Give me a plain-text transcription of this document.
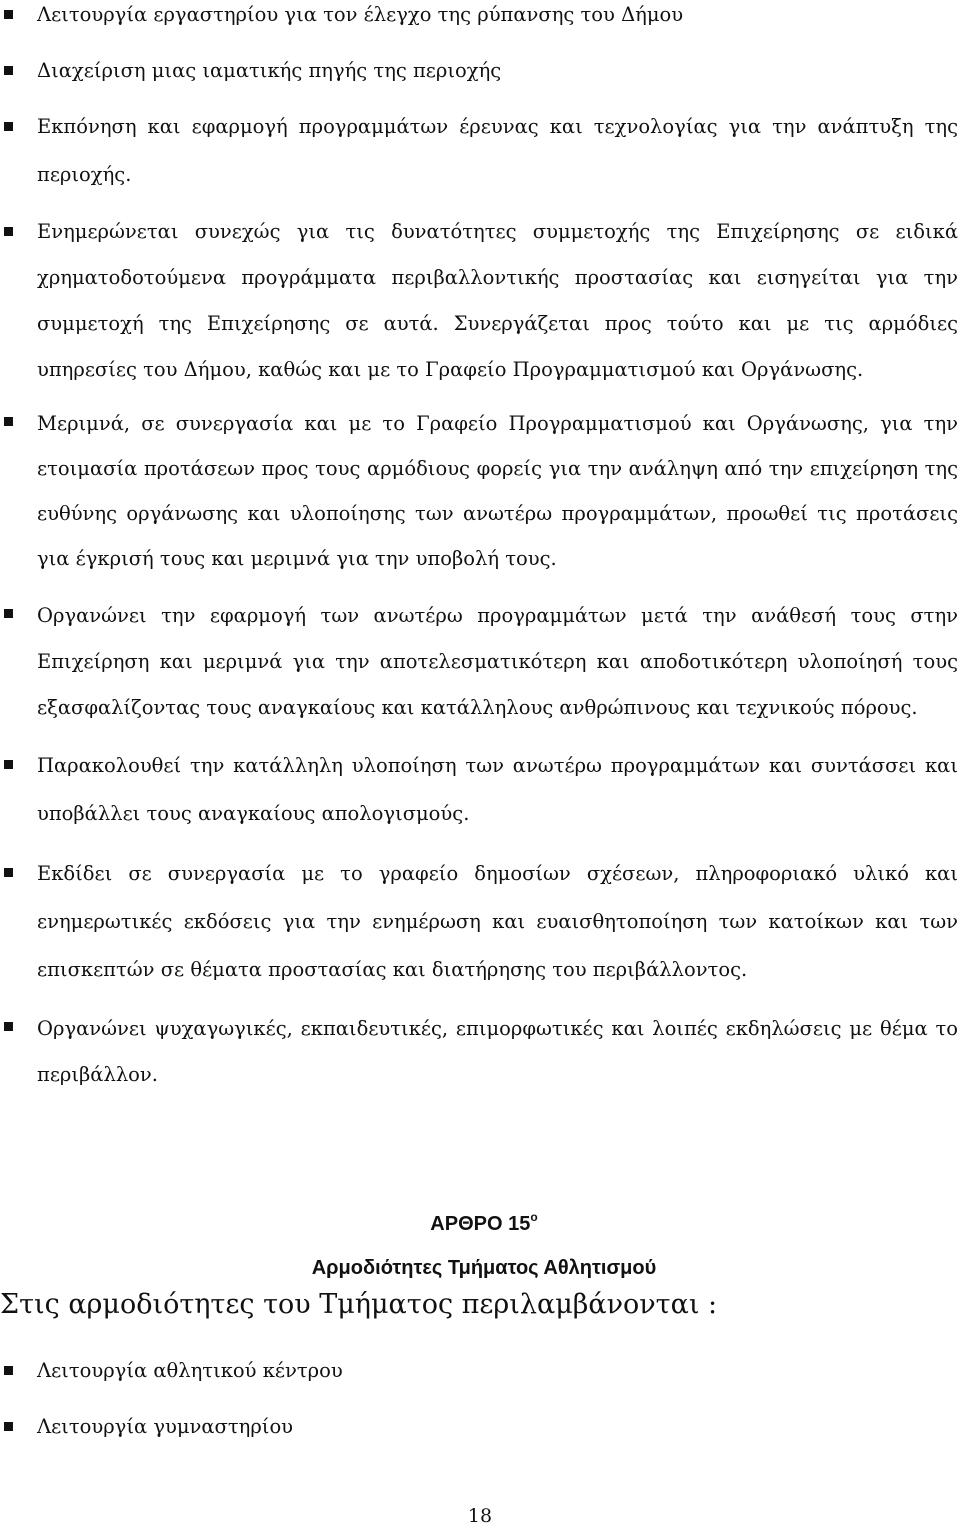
Λειτουργία εργαστηρίου για τον έλεγχο της ρύπανσης του Δήμου
Διαχείριση μιας ιαματικής πηγής της περιοχής
Εκπόνηση και εφαρμογή προγραμμάτων έρευνας και τεχνολογίας για την ανάπτυξη της περιοχής.
Ενημερώνεται συνεχώς για τις δυνατότητες συμμετοχής της Επιχείρησης σε ειδικά χρηματοδοτούμενα προγράμματα περιβαλλοντικής προστασίας και εισηγείται για την συμμετοχή της Επιχείρησης σε αυτά. Συνεργάζεται προς τούτο και με τις αρμόδιες υπηρεσίες του Δήμου, καθώς και με το Γραφείο Προγραμματισμού και Οργάνωσης.
Μεριμνά, σε συνεργασία και με το Γραφείο Προγραμματισμού και Οργάνωσης, για την ετοιμασία προτάσεων προς τους αρμόδιους φορείς για την ανάληψη από την επιχείρηση της ευθύνης οργάνωσης και υλοποίησης των ανωτέρω προγραμμάτων, προωθεί τις προτάσεις για έγκρισή τους και μεριμνά για την υποβολή τους.
Οργανώνει την εφαρμογή των ανωτέρω προγραμμάτων μετά την ανάθεσή τους στην Επιχείρηση και μεριμνά για την αποτελεσματικότερη και αποδοτικότερη υλοποίησή τους εξασφαλίζοντας τους αναγκαίους και κατάλληλους ανθρώπινους και τεχνικούς πόρους.
Παρακολουθεί την κατάλληλη υλοποίηση των ανωτέρω προγραμμάτων και συντάσσει και υποβάλλει τους αναγκαίους απολογισμούς.
Εκδίδει σε συνεργασία με το γραφείο δημοσίων σχέσεων, πληροφοριακό υλικό και ενημερωτικές εκδόσεις για την ενημέρωση και ευαισθητοποίηση των κατοίκων και των επισκεπτών σε θέματα προστασίας και διατήρησης του περιβάλλοντος.
Οργανώνει ψυχαγωγικές, εκπαιδευτικές, επιμορφωτικές και λοιπές εκδηλώσεις με θέμα το περιβάλλον.
ΑΡΘΡΟ $15^o$
Αρμοδιότητες Τμήματος Αθλητισμού
Στις αρμοδιότητες του Τμήματος περιλαμβάνονται :
Λειτουργία αθλητικού κέντρου
Λειτουργία γυμναστηρίου
18
